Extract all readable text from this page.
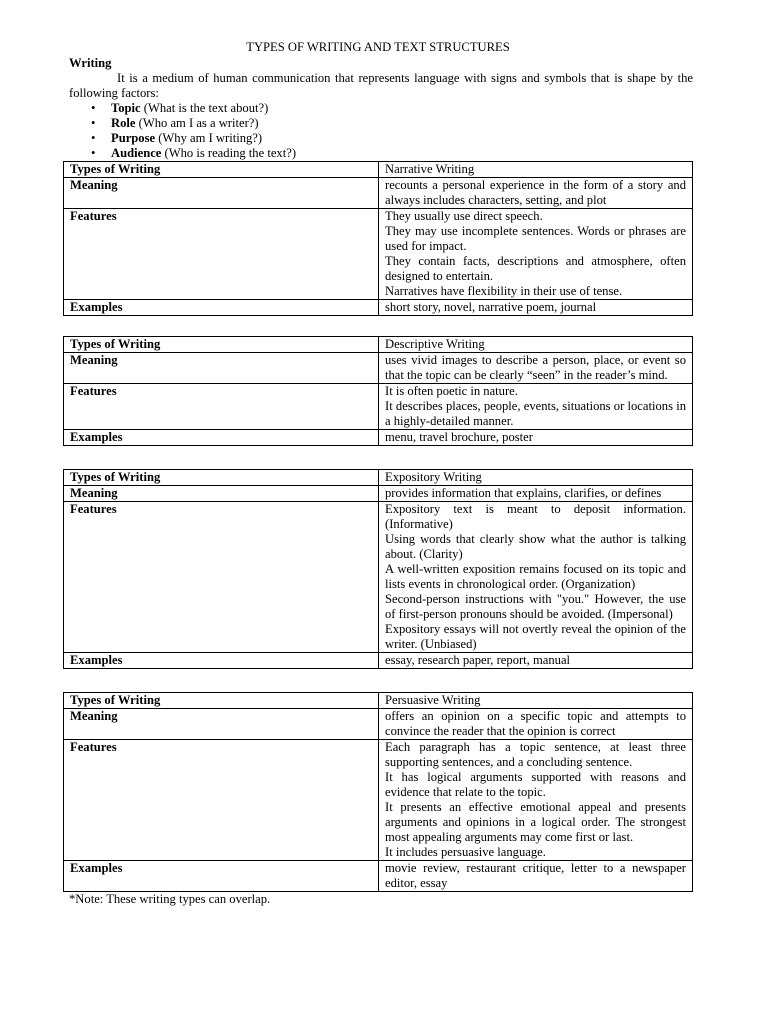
TYPES OF WRITING AND TEXT STRUCTURES
Writing
It is a medium of human communication that represents language with signs and symbols that is shape by the following factors:
• Topic (What is the text about?)
• Role (Who am I as a writer?)
• Purpose (Why am I writing?)
• Audience (Who is reading the text?)
Types of Writing	Narrative Writing
Meaning	recounts a personal experience in the form of a story and always includes characters, setting, and plot
Features	They usually use direct speech.
They may use incomplete sentences. Words or phrases are used for impact.
They contain facts, descriptions and atmosphere, often designed to entertain.
Narratives have flexibility in their use of tense.

Examples	short story, novel, narrative poem, journal
Types of Writing	Descriptive Writing
Meaning	uses vivid images to describe a person, place, or event so that the topic can be clearly “seen” in the reader’s mind.
Features	It is often poetic in nature.
It describes places, people, events, situations or locations in a highly-detailed manner.

Examples	menu, travel brochure, poster
Types of Writing	Expository Writing
Meaning	provides information that explains, clarifies, or defines
Features	Expository text is meant to deposit information. (Informative)
Using words that clearly show what the author is talking about. (Clarity)
A well-written exposition remains focused on its topic and lists events in chronological order. (Organization)
Second-person instructions with "you." However, the use of first-person pronouns should be avoided. (Impersonal)
Expository essays will not overtly reveal the opinion of the writer. (Unbiased)

Examples	essay, research paper, report, manual
Types of Writing	Persuasive Writing
Meaning	offers an opinion on a specific topic and attempts to convince the reader that the opinion is correct
Features	Each paragraph has a topic sentence, at least three supporting sentences, and a concluding sentence.
It has logical arguments supported with reasons and evidence that relate to the topic.
It presents an effective emotional appeal and presents arguments and opinions in a logical order. The strongest most appealing arguments may come first or last.
It includes persuasive language.

Examples	movie review, restaurant critique, letter to a newspaper editor, essay
*Note: These writing types can overlap.
